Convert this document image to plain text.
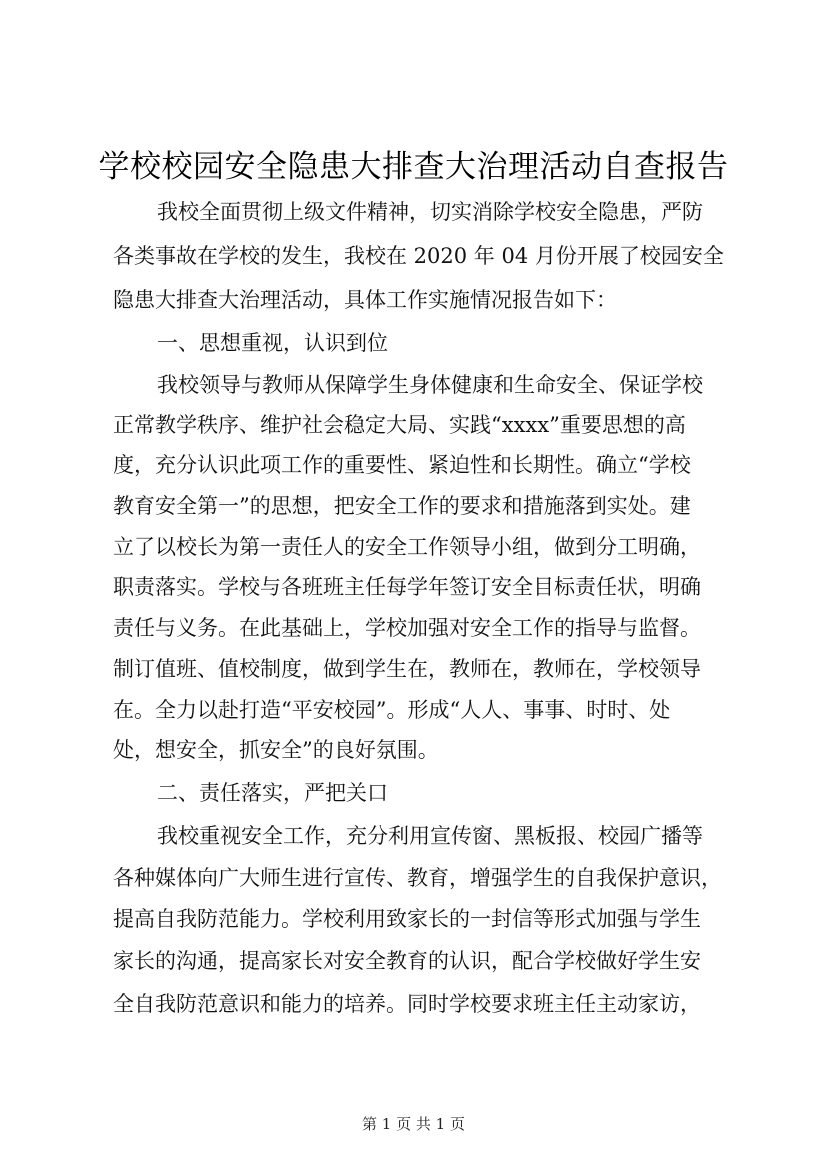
学校校园安全隐患大排查大治理活动自查报告
我校全面贯彻上级文件精神，切实消除学校安全隐患，严防
各类事故在学校的发生，我校在 2020 年 04 月份开展了校园安全
隐患大排查大治理活动，具体工作实施情况报告如下：
一、思想重视，认识到位
我校领导与教师从保障学生身体健康和生命安全、保证学校
正常教学秩序、维护社会稳定大局、实践“xxxx”重要思想的高
度，充分认识此项工作的重要性、紧迫性和长期性。确立“学校
教育安全第一”的思想，把安全工作的要求和措施落到实处。建
立了以校长为第一责任人的安全工作领导小组，做到分工明确，
职责落实。学校与各班班主任每学年签订安全目标责任状，明确
责任与义务。在此基础上，学校加强对安全工作的指导与监督。
制订值班、值校制度，做到学生在，教师在，教师在，学校领导
在。全力以赴打造“平安校园”。形成“人人、事事、时时、处
处，想安全，抓安全”的良好氛围。
二、责任落实，严把关口
我校重视安全工作，充分利用宣传窗、黑板报、校园广播等
各种媒体向广大师生进行宣传、教育，增强学生的自我保护意识，
提高自我防范能力。学校利用致家长的一封信等形式加强与学生
家长的沟通，提高家长对安全教育的认识，配合学校做好学生安
全自我防范意识和能力的培养。同时学校要求班主任主动家访，
第 1 页 共 1 页
